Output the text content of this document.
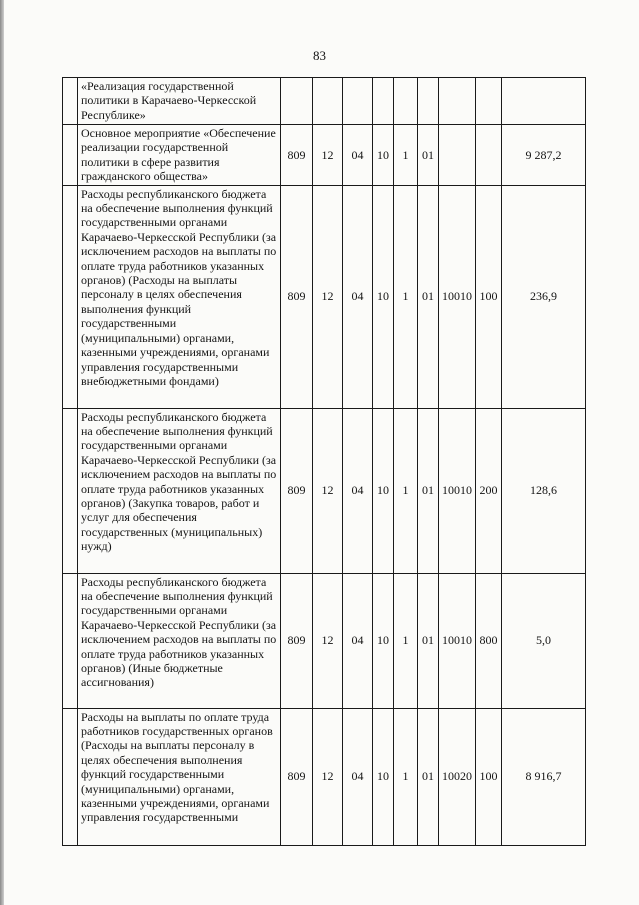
83
	«Реализация государственной политики в Карачаево-Черкесской Республике»									
	Основное мероприятие «Обеспечение реализации государственной политики в сфере развития гражданского общества»	809	12	04	10	1	01			9 287,2
	Расходы республиканского бюджета на обеспечение выполнения функций государственными органами Карачаево-Черкесской Республики (за исключением расходов на выплаты по оплате труда работников указанных органов) (Расходы на выплаты персоналу в целях обеспечения выполнения функций государственными (муниципальными) органами, казенными учреждениями, органами управления государственными внебюджетными фондами)	809	12	04	10	1	01	10010	100	236,9
	Расходы республиканского бюджета на обеспечение выполнения функций государственными органами Карачаево-Черкесской Республики (за исключением расходов на выплаты по оплате труда работников указанных органов) (Закупка товаров, работ и услуг для обеспечения государственных (муниципальных) нужд)	809	12	04	10	1	01	10010	200	128,6
	Расходы республиканского бюджета на обеспечение выполнения функций государственными органами Карачаево-Черкесской Республики (за исключением расходов на выплаты по оплате труда работников указанных органов) (Иные бюджетные ассигнования)	809	12	04	10	1	01	10010	800	5,0
	Расходы на выплаты по оплате труда работников государственных органов (Расходы на выплаты персоналу в целях обеспечения выполнения функций государственными (муниципальными) органами, казенными учреждениями, органами управления государственными	809	12	04	10	1	01	10020	100	8 916,7
